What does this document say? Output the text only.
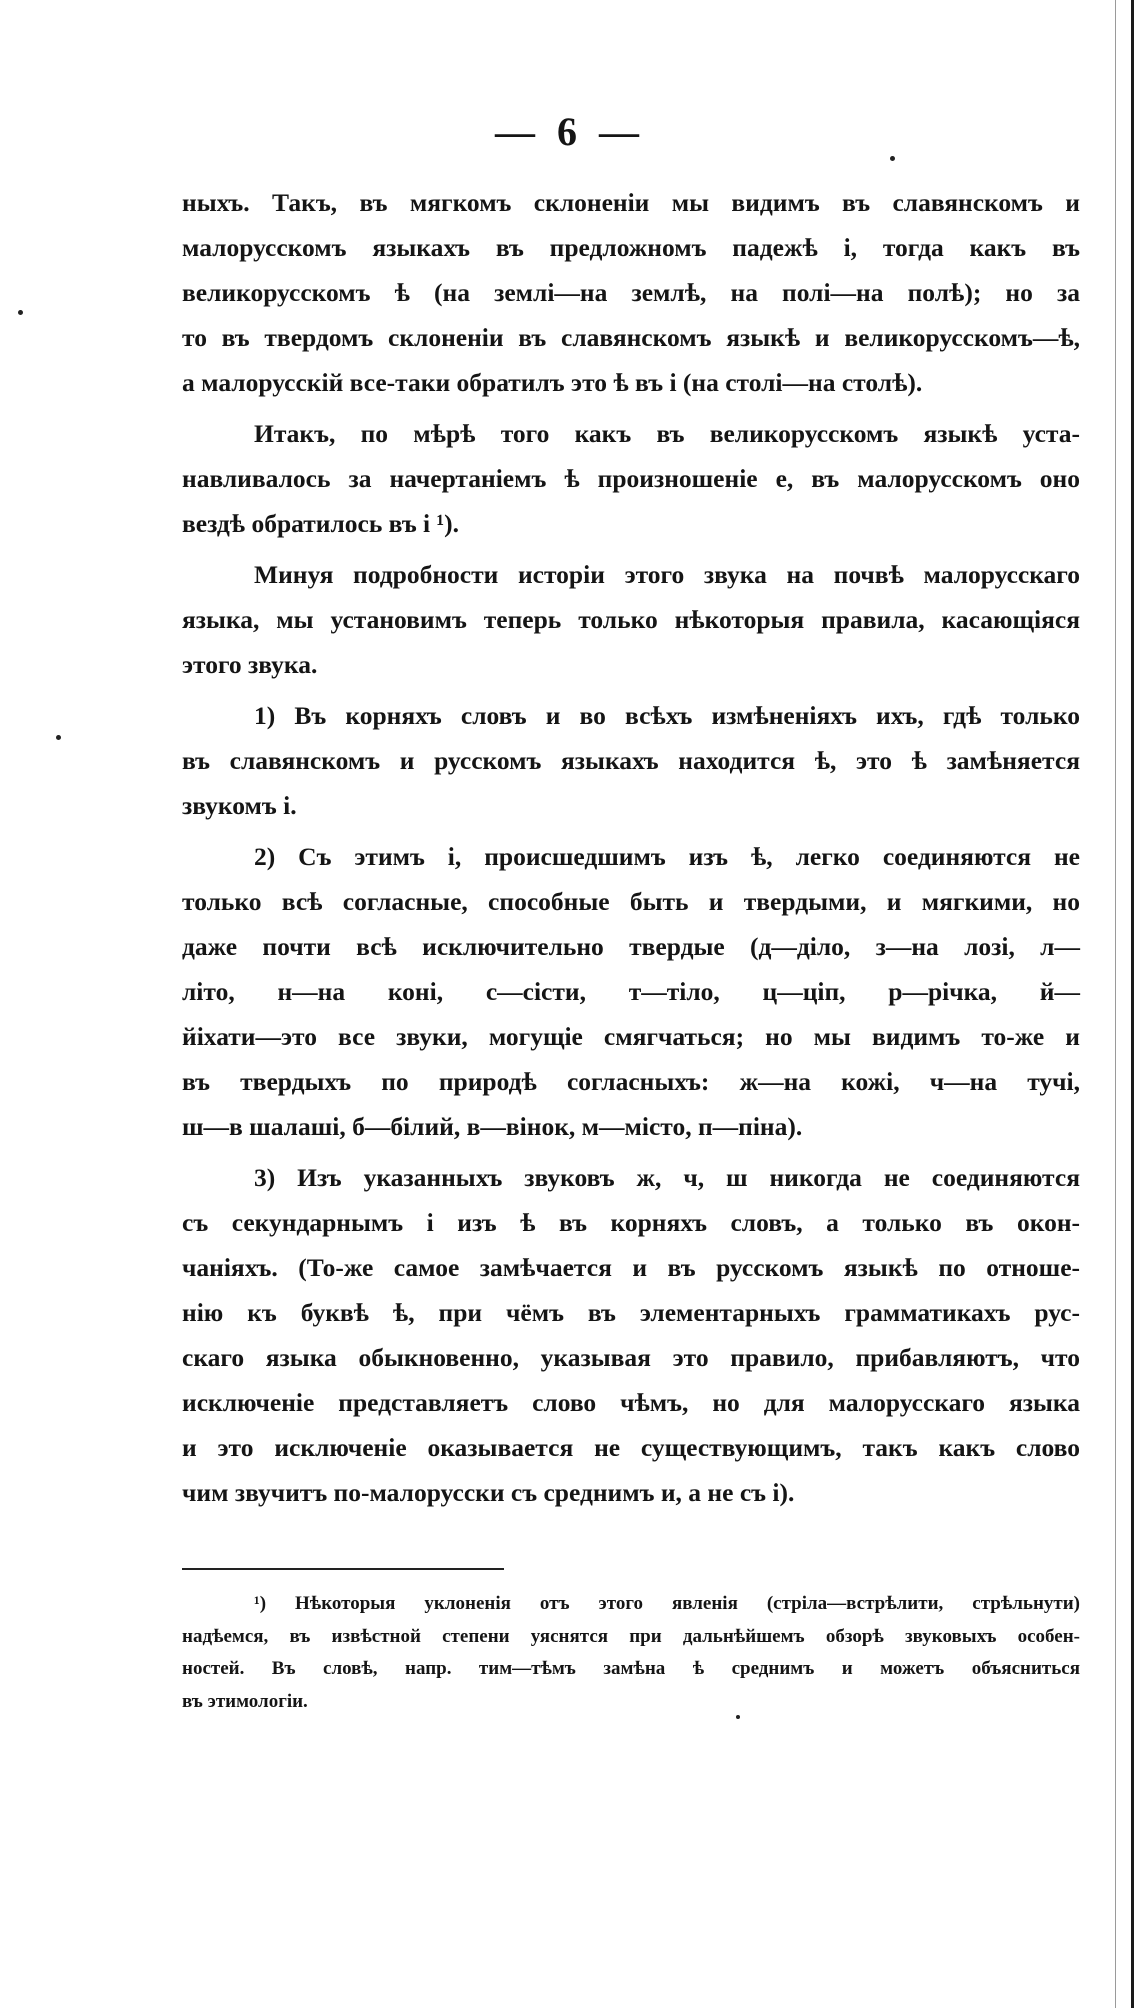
— 6 —
ныхъ. Такъ, въ мягкомъ склоненіи мы видимъ въ славянскомъ и
малорусскомъ языкахъ въ предложномъ падежѣ і, тогда какъ въ
великорусскомъ ѣ (на землі—на землѣ, на полі—на полѣ); но за
то въ твердомъ склоненіи въ славянскомъ языкѣ и великорусскомъ—ѣ,
а малорусскій все-таки обратилъ это ѣ въ і (на столі—на столѣ).
Итакъ, по мѣрѣ того какъ въ великорусскомъ языкѣ уста-
навливалось за начертаніемъ ѣ произношеніе е, въ малорусскомъ оно
вездѣ обратилось въ і ¹).
Минуя подробности исторіи этого звука на почвѣ малорусскаго
языка, мы установимъ теперь только нѣкоторыя правила, касающіяся
этого звука.
1) Въ корняхъ словъ и во всѣхъ измѣненіяхъ ихъ, гдѣ только
въ славянскомъ и русскомъ языкахъ находится ѣ, это ѣ замѣняется
звукомъ і.
2) Съ этимъ і, происшедшимъ изъ ѣ, легко соединяются не
только всѣ согласные, способные быть и твердыми, и мягкими, но
даже почти всѣ исключительно твердые (д—діло, з—на лозі, л—
літо, н—на коні, с—сісти, т—тіло, ц—ціп, р—річка, й—
йіхати—это все звуки, могущіе смягчаться; но мы видимъ то-же и
въ твердыхъ по природѣ согласныхъ: ж—на кожі, ч—на тучі,
ш—в шалаші, б—білий, в—вінок, м—місто, п—піна).
3) Изъ указанныхъ звуковъ ж, ч, ш никогда не соединяются
съ секундарнымъ і изъ ѣ въ корняхъ словъ, а только въ окон-
чаніяхъ. (То-же самое замѣчается и въ русскомъ языкѣ по отноше-
нію къ буквѣ ѣ, при чёмъ въ элементарныхъ грамматикахъ рус-
скаго языка обыкновенно, указывая это правило, прибавляютъ, что
исключеніе представляетъ слово чѣмъ, но для малорусскаго языка
и это исключеніе оказывается не существующимъ, такъ какъ слово
чим звучитъ по-малорусски съ среднимъ и, а не съ і).
¹) Нѣкоторыя уклоненія отъ этого явленія (стріла—встрѣлити, стрѣльнути)
надѣемся, въ извѣстной степени уяснятся при дальнѣйшемъ обзорѣ звуковыхъ особен-
ностей. Въ словѣ, напр. тим—тѣмъ замѣна ѣ среднимъ и можетъ объясниться
въ этимологіи.
